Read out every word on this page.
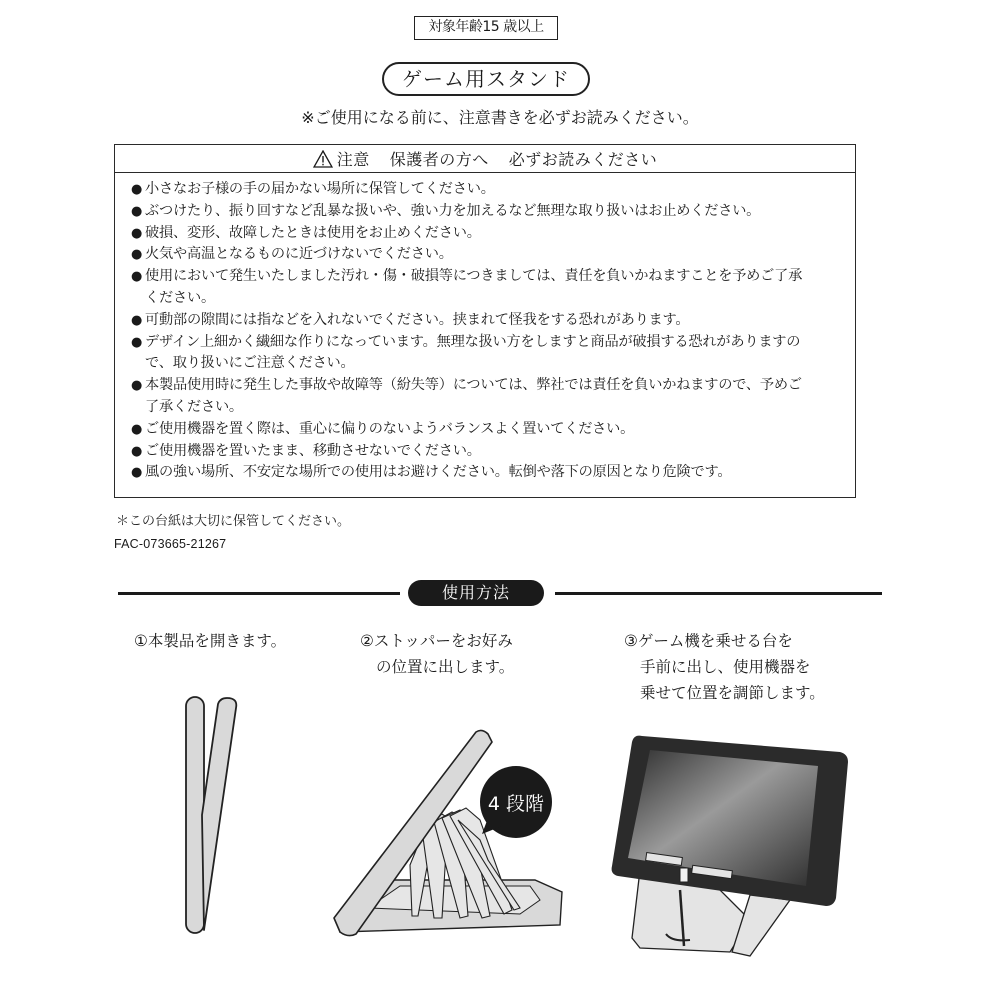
対象年齢15 歳以上
ゲーム用スタンド
※ご使用になる前に、注意書きを必ずお読みください。
注意 保護者の方へ 必ずお読みください
● 小さなお子様の手の届かない場所に保管してください。
● ぶつけたり、振り回すなど乱暴な扱いや、強い力を加えるなど無理な取り扱いはお止めください。
● 破損、変形、故障したときは使用をお止めください。
● 火気や高温となるものに近づけないでください。
● 使用において発生いたしました汚れ・傷・破損等につきましては、責任を負いかねますことを予めご了承
ください。
● 可動部の隙間には指などを入れないでください。挟まれて怪我をする恐れがあります。
● デザイン上細かく繊細な作りになっています。無理な扱い方をしますと商品が破損する恐れがありますの
で、取り扱いにご注意ください。
● 本製品使用時に発生した事故や故障等（紛失等）については、弊社では責任を負いかねますので、予めご
了承ください。
● ご使用機器を置く際は、重心に偏りのないようバランスよく置いてください。
● ご使用機器を置いたまま、移動させないでください。
● 風の強い場所、不安定な場所での使用はお避けください。転倒や落下の原因となり危険です。
＊この台紙は大切に保管してください。
FAC-073665-21267
使用方法
①本製品を開きます。	②ストッパーをお好み
の位置に出します。
③ゲーム機を乗せる台を
手前に出し、使用機器を
乗せて位置を調節します。
4 段階
